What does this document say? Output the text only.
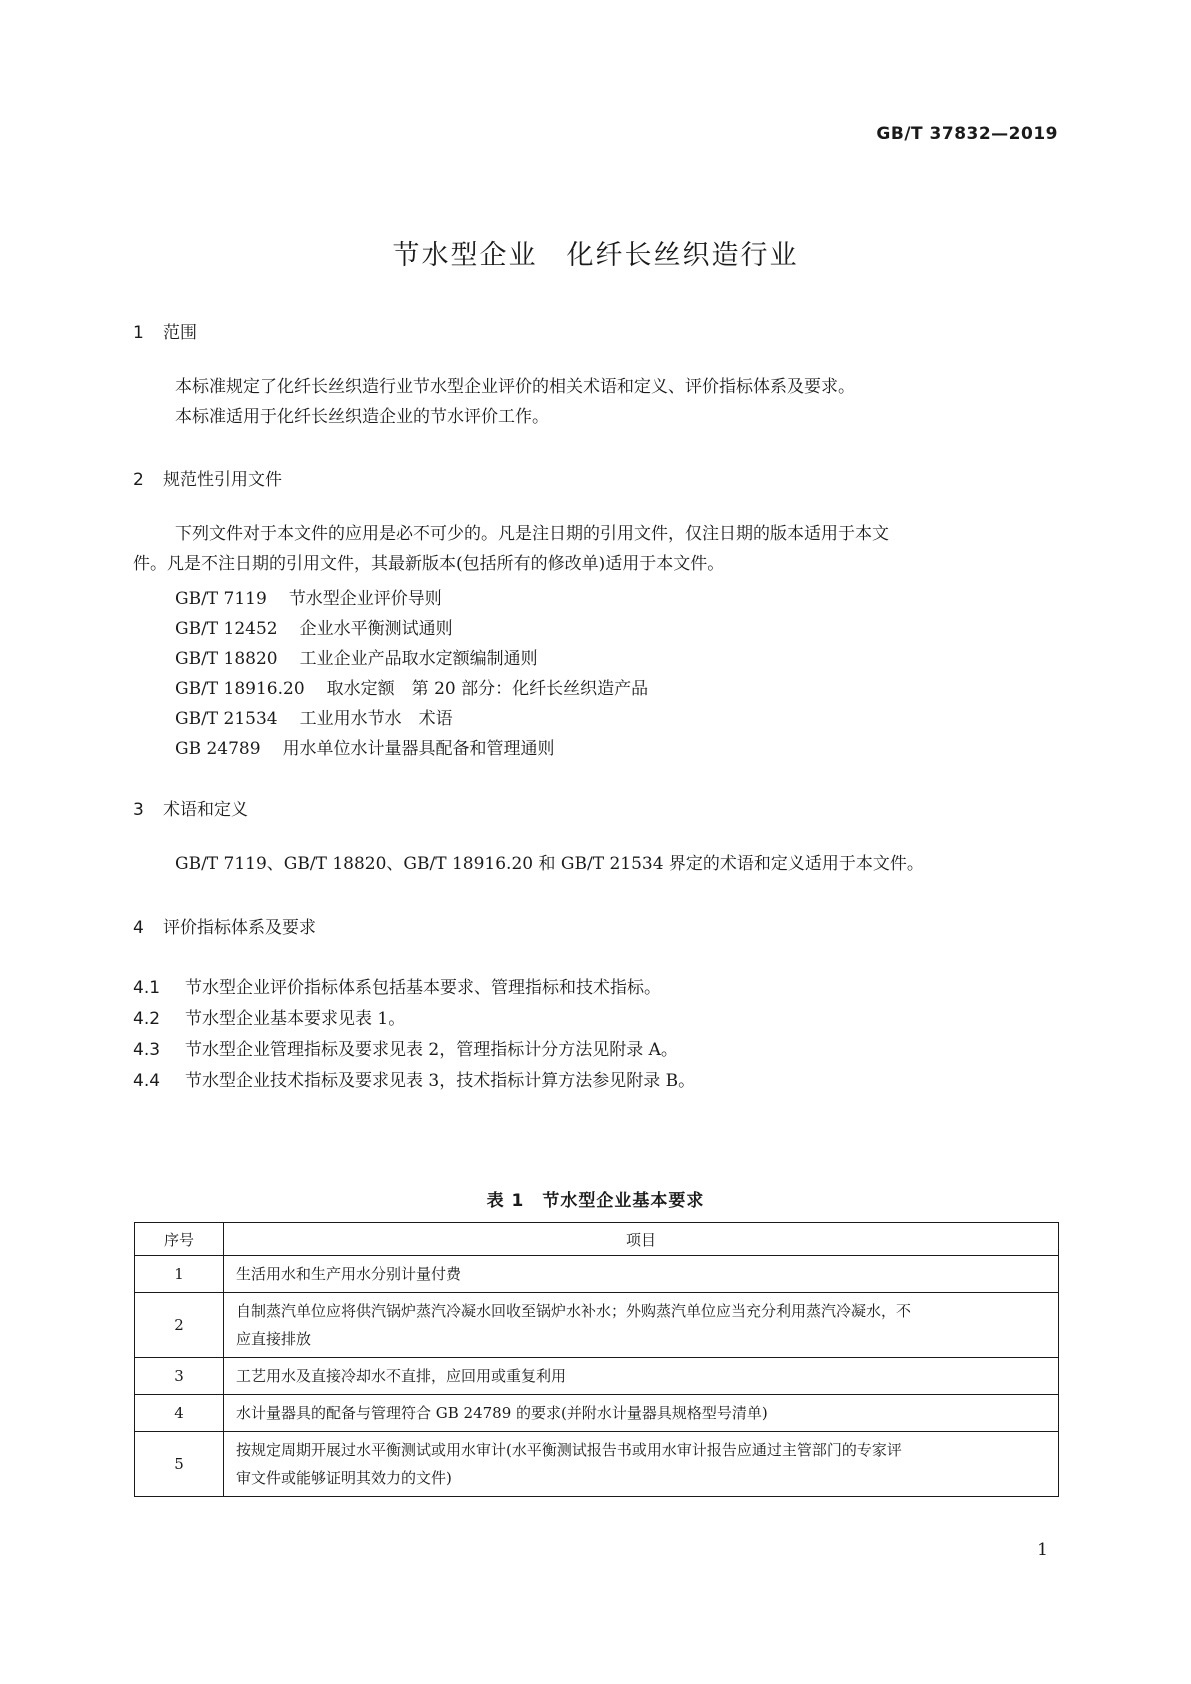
GB/T 37832—2019
节水型企业　化纤长丝织造行业
1 范围
本标准规定了化纤长丝织造行业节水型企业评价的相关术语和定义、评价指标体系及要求。
本标准适用于化纤长丝织造企业的节水评价工作。
2 规范性引用文件
下列文件对于本文件的应用是必不可少的。凡是注日期的引用文件，仅注日期的版本适用于本文
件。凡是不注日期的引用文件，其最新版本(包括所有的修改单)适用于本文件。
GB/T 7119 节水型企业评价导则
GB/T 12452 企业水平衡测试通则
GB/T 18820 工业企业产品取水定额编制通则
GB/T 18916.20 取水定额　第 20 部分：化纤长丝织造产品
GB/T 21534 工业用水节水　术语
GB 24789 用水单位水计量器具配备和管理通则
3 术语和定义
GB/T 7119、GB/T 18820、GB/T 18916.20 和 GB/T 21534 界定的术语和定义适用于本文件。
4 评价指标体系及要求
4.1 节水型企业评价指标体系包括基本要求、管理指标和技术指标。
4.2 节水型企业基本要求见表 1。
4.3 节水型企业管理指标及要求见表 2，管理指标计分方法见附录 A。
4.4 节水型企业技术指标及要求见表 3，技术指标计算方法参见附录 B。
表 1　节水型企业基本要求
序号	项目
1	生活用水和生产用水分别计量付费

2	自制蒸汽单位应将供汽锅炉蒸汽冷凝水回收至锅炉水补水；外购蒸汽单位应当充分利用蒸汽冷凝水，不
应直接排放

3	工艺用水及直接冷却水不直排，应回用或重复利用

4	水计量器具的配备与管理符合 GB 24789 的要求(并附水计量器具规格型号清单)

5	按规定周期开展过水平衡测试或用水审计(水平衡测试报告书或用水审计报告应通过主管部门的专家评
审文件或能够证明其效力的文件)
1
